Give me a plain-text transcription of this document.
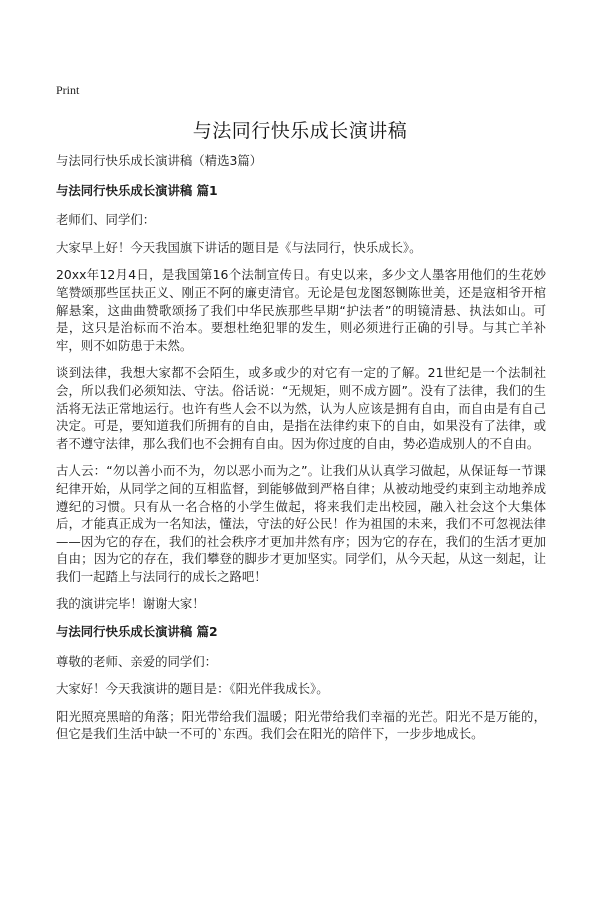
Print
与法同行快乐成长演讲稿

与法同行快乐成长演讲稿（精选3篇）

与法同行快乐成长演讲稿 篇1

老师们、同学们：

大家早上好！今天我国旗下讲话的题目是《与法同行，快乐成长》。

20xx年12月4日，是我国第16个法制宣传日。有史以来，多少文人墨客用他们的生花妙笔赞颂那些匡扶正义、刚正不阿的廉吏清官。无论是包龙图怒铡陈世美，还是寇相爷开棺解悬案，这曲曲赞歌颂扬了我们中华民族那些早期“护法者”的明镜清悬、执法如山。可是，这只是治标而不治本。要想杜绝犯罪的发生，则必须进行正确的引导。与其亡羊补牢，则不如防患于未然。

谈到法律，我想大家都不会陌生，或多或少的对它有一定的了解。21世纪是一个法制社会，所以我们必须知法、守法。俗话说：“无规矩，则不成方圆”。没有了法律，我们的生活将无法正常地运行。也许有些人会不以为然，认为人应该是拥有自由，而自由是有自己决定。可是，要知道我们所拥有的自由，是指在法律约束下的自由，如果没有了法律，或者不遵守法律，那么我们也不会拥有自由。因为你过度的自由，势必造成别人的不自由。

古人云：“勿以善小而不为，勿以恶小而为之”。让我们从认真学习做起，从保证每一节课纪律开始，从同学之间的互相监督，到能够做到严格自律；从被动地受约束到主动地养成遵纪的习惯。只有从一名合格的小学生做起，将来我们走出校园，融入社会这个大集体后，才能真正成为一名知法，懂法，守法的好公民！作为祖国的未来，我们不可忽视法律——因为它的存在，我们的社会秩序才更加井然有序；因为它的存在，我们的生活才更加自由；因为它的存在，我们攀登的脚步才更加坚实。同学们，从今天起，从这一刻起，让我们一起踏上与法同行的成长之路吧！

我的演讲完毕！谢谢大家！

与法同行快乐成长演讲稿 篇2

尊敬的老师、亲爱的同学们：

大家好！今天我演讲的题目是：《阳光伴我成长》。

阳光照亮黑暗的角落；阳光带给我们温暖；阳光带给我们幸福的光芒。阳光不是万能的，但它是我们生活中缺一不可的`东西。我们会在阳光的陪伴下，一步步地成长。
